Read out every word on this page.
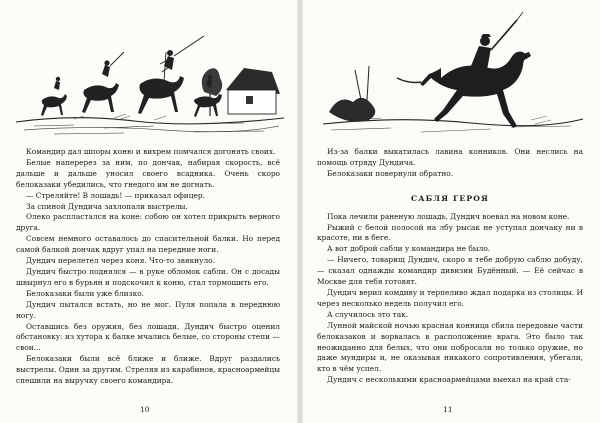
Командир дал шпоры коню и вихрем помчался догонять своих.

Белые наперерез за ним, по дончак, набирая скорость, всё дальше и дальше уносил своего всадника. Очень скоро белоказаки убедились, что гнедого им не догнать.

— Стреляйте! В лошадь! — приказал офицер.

За спиной Дундича захлопали выстрелы.

Олеко распластался на коне: собою он хотел прикрыть верного друга.

Совсем немного оставалось до спасительной балки. Но перед самой балкой дончак вдруг упал на передние ноги.

Дундич перелетел через коня. Что-то звякнуло.

Дундич быстро поднялся — в руке обломок сабли. Он с досады швырнул его в бурьян и подскочил к коню, стал тормошить его.

Белоказаки были уже близко.

Дундич пытался встать, но не мог. Пуля попала в переднюю ногу.

Оставшись без оружия, без лошади, Дундич быстро оценил обстановку: из хутора к балке мчались белые, со стороны степи — свои...

Белоказаки были всё ближе и ближе. Вдруг раздались выстрелы. Один за другим. Стреляя из карабинов, красноармейцы спешили на выручку своего командира.

10

Из-за балки выкатилась лавина конников. Они неслись на помощь отряду Дундича.

Белоказаки повернули обратно.

САБЛЯ ГЕРОЯ

Пока лечили раненую лошадь, Дундич воевал на новом коне.

Рыжий с белой полосой на лбу рысак не уступал дончаку ни в красоте, ни в беге.

А вот доброй сабли у командира не было.

— Ничего, товарищ Дундич, скоро я тебе добрую саблю добуду, — сказал однажды командир дивизии Будённый. — Её сейчас в Москве для тебя готовят.

Дундич верил комдиву и терпеливо ждал подарка из столицы. И через несколько недель получил его.

А случилось это так.

Лунной майской ночью красная конница сбила передовые части белоказаков и ворвалась в расположение врага. Это было так неожиданно для белых, что они побросали но только оружие, но даже мундиры и, не оказывая никакого сопротивления, убегали, кто в чём успел.

Дундич с несколькими красноармейцами выехал на край ста-

11
